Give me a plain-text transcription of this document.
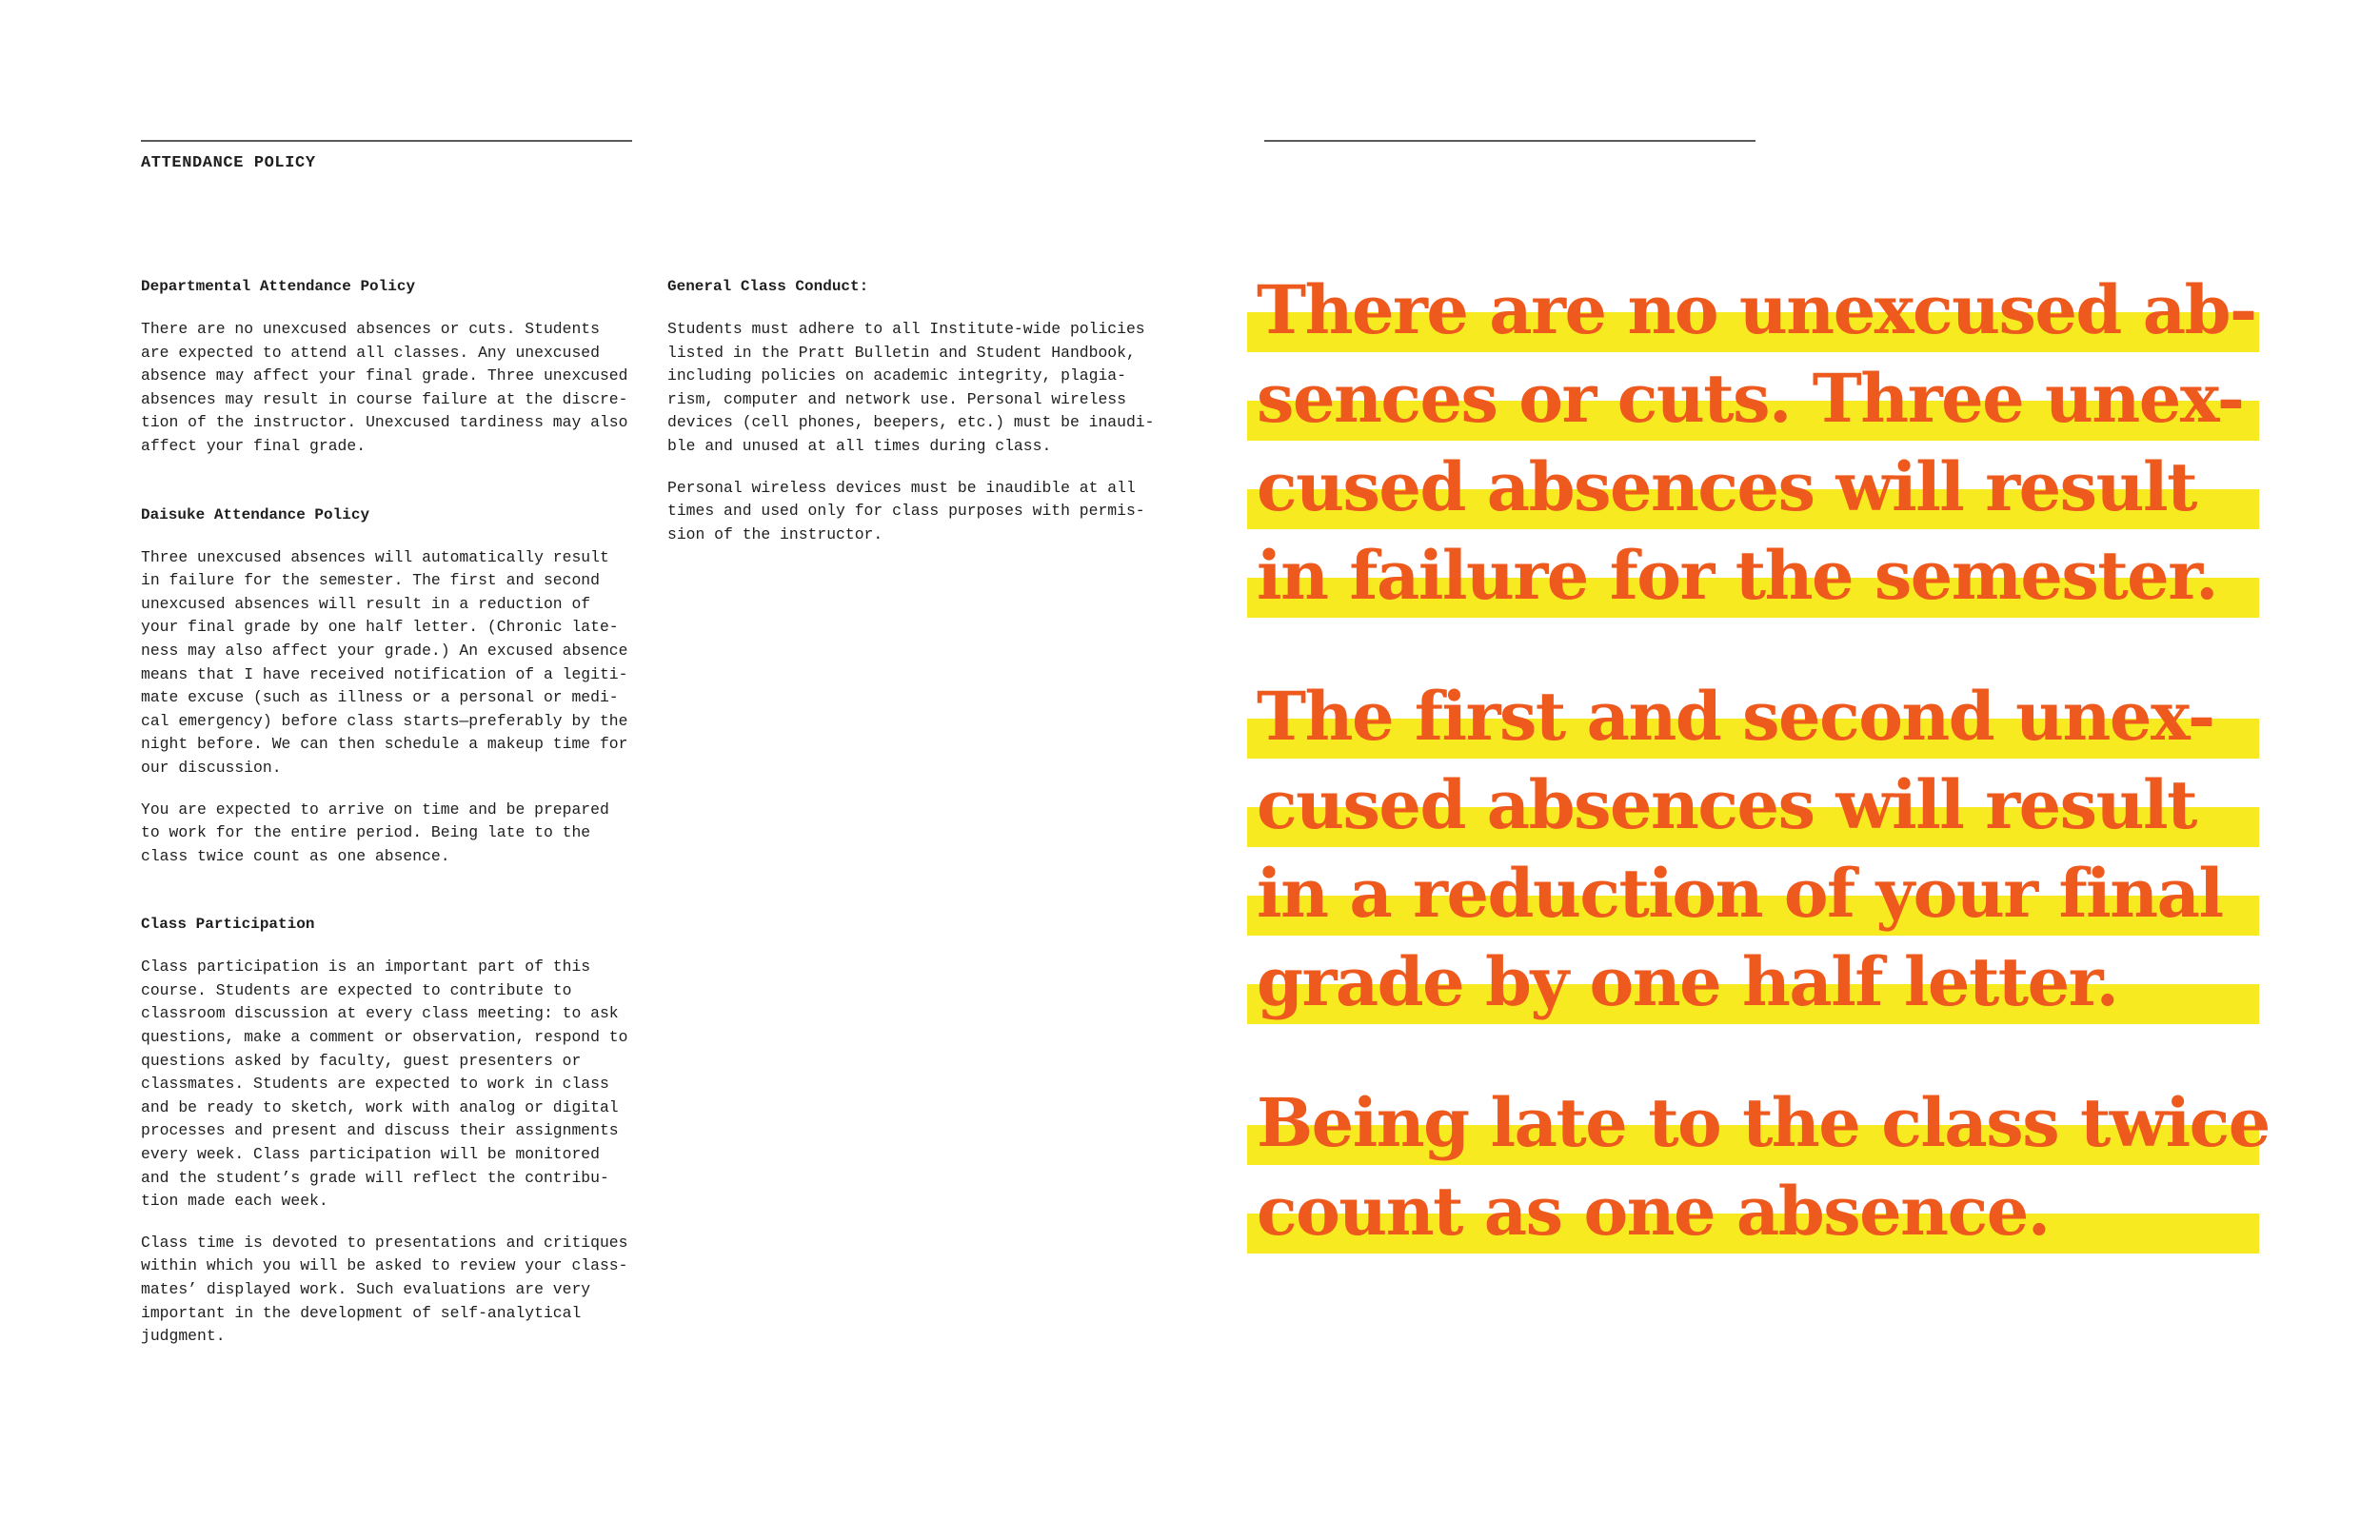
ATTENDANCE POLICY
Departmental Attendance Policy

There are no unexcused absences or cuts. Students are expected to attend all classes. Any unexcused absence may affect your final grade. Three unexcused absences may result in course failure at the discre-tion of the instructor. Unexcused tardiness may also affect your final grade.

Daisuke Attendance Policy

Three unexcused absences will automatically result in failure for the semester. The first and second unexcused absences will result in a reduction of your final grade by one half letter. (Chronic late-ness may also affect your grade.) An excused absence means that I have received notification of a legiti-mate excuse (such as illness or a personal or medi-cal emergency) before class starts—preferably by the night before. We can then schedule a makeup time for our discussion.

You are expected to arrive on time and be prepared to work for the entire period. Being late to the class twice count as one absence.

Class Participation

Class participation is an important part of this course. Students are expected to contribute to classroom discussion at every class meeting: to ask questions, make a comment or observation, respond to questions asked by faculty, guest presenters or classmates. Students are expected to work in class and be ready to sketch, work with analog or digital processes and present and discuss their assignments every week. Class participation will be monitored and the student’s grade will reflect the contribu-tion made each week.

Class time is devoted to presentations and critiques within which you will be asked to review your class-mates’ displayed work. Such evaluations are very important in the development of self-analytical judgment.

General Class Conduct:

Students must adhere to all Institute-wide policies listed in the Pratt Bulletin and Student Handbook, including policies on academic integrity, plagia-rism, computer and network use. Personal wireless devices (cell phones, beepers, etc.) must be inaudi-ble and unused at all times during class.

Personal wireless devices must be inaudible at all times and used only for class purposes with permis-sion of the instructor.

There are no unexcused ab-
sences or cuts. Three unex-
cused absences will result
in failure for the semester.
The first and second unex-
cused absences will result
in a reduction of your final
grade by one half letter.
Being late to the class twice
count as one absence.
